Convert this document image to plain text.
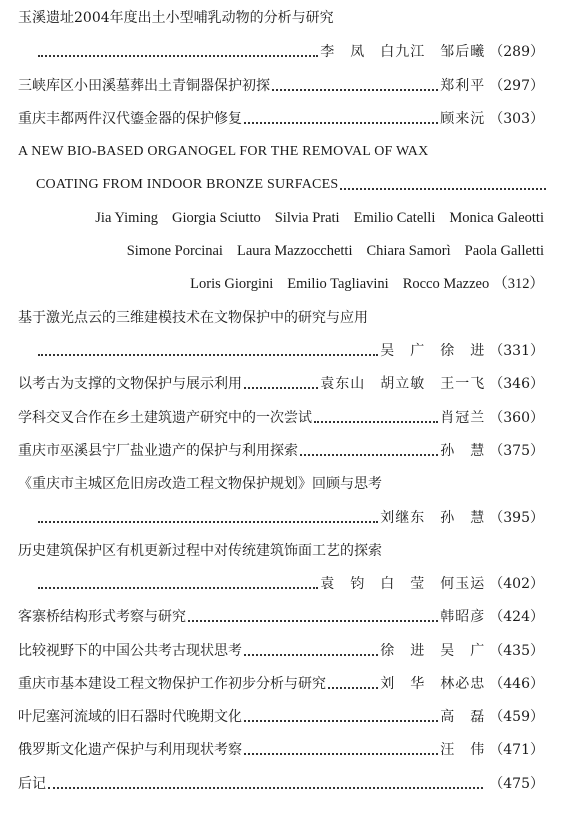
玉溪遗址2004年度出土小型哺乳动物的分析与研究
李　凤　白九江　邹后曦 （289）
三峡库区小田溪墓葬出土青铜器保护初探	郑利平 （297）
重庆丰都两件汉代鎏金器的保护修复	顾来沅 （303）
A NEW BIO-BASED ORGANOGEL FOR THE REMOVAL OF WAX
COATING FROM INDOOR BRONZE SURFACES
Jia Yiming Giorgia Sciutto Silvia Prati Emilio Catelli Monica Galeotti
Simone Porcinai Laura Mazzocchetti Chiara Samorì Paola Galletti
Loris Giorgini Emilio Tagliavini Rocco Mazzeo （312）
基于激光点云的三维建模技术在文物保护中的研究与应用
吴　广　徐　进 （331）
以考古为支撑的文物保护与展示利用	袁东山　胡立敏　王一飞 （346）
学科交叉合作在乡土建筑遗产研究中的一次尝试	肖冠兰 （360）
重庆市巫溪县宁厂盐业遗产的保护与利用探索	孙　慧 （375）
《重庆市主城区危旧房改造工程文物保护规划》回顾与思考
刘继东　孙　慧 （395）
历史建筑保护区有机更新过程中对传统建筑饰面工艺的探索
袁　钧　白　莹　何玉运 （402）
客寨桥结构形式考察与研究	韩昭彦 （424）
比较视野下的中国公共考古现状思考	徐　进　吴　广 （435）
重庆市基本建设工程文物保护工作初步分析与研究	刘　华　林必忠 （446）
叶尼塞河流域的旧石器时代晚期文化	高　磊 （459）
俄罗斯文化遗产保护与利用现状考察	汪　伟 （471）
后记	（475）
